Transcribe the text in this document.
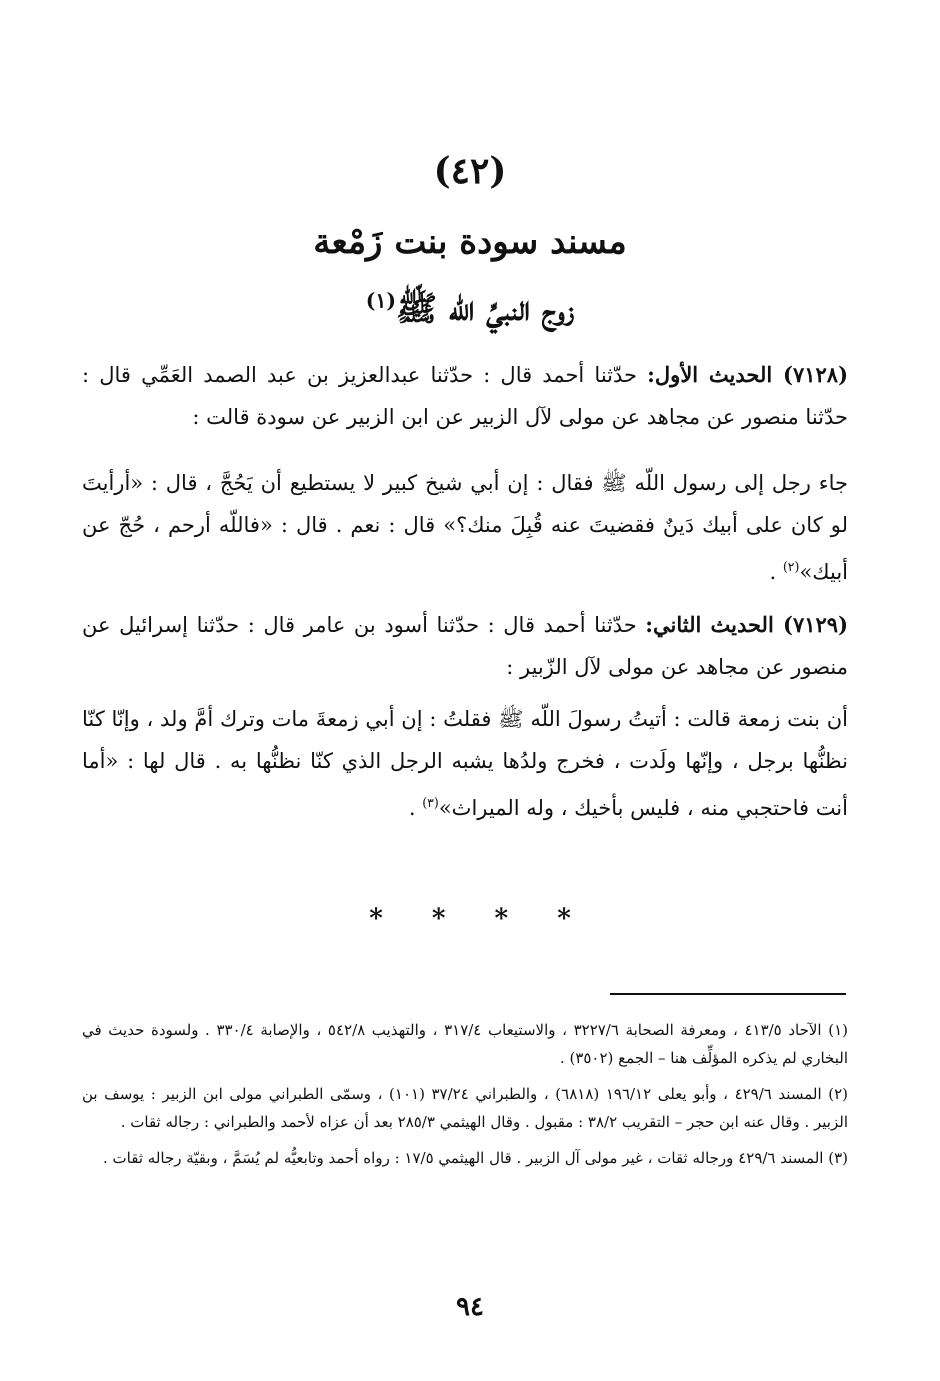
(٤٢)
مسند سودة بنت زَمْعة
زوج النبيِّ اللّه ﷺ$^{(١)}$
(٧١٢٨) الحديث الأول: حدّثنا أحمد قال : حدّثنا عبدالعزيز بن عبد الصمد العَمِّي قال : حدّثنا منصور عن مجاهد عن مولى لآل الزبير عن ابن الزبير عن سودة قالت :
جاء رجل إلى رسول اللّه ﷺ فقال : إن أبي شيخ كبير لا يستطيع أن يَحُجَّ ، قال : «أرأيتَ لو كان على أبيك دَينٌ فقضيتَ عنه قُبِلَ منك؟» قال : نعم . قال : «فاللّه أرحم ، حُجّ عن أبيك»$^{(٢)}$ .
(٧١٢٩) الحديث الثاني: حدّثنا أحمد قال : حدّثنا أسود بن عامر قال : حدّثنا إسرائيل عن منصور عن مجاهد عن مولى لآل الزّبير :
أن بنت زمعة قالت : أتيتُ رسولَ اللّه ﷺ فقلتُ : إن أبي زمعةَ مات وترك أمَّ ولد ، وإنّا كنّا نظنُّها برجل ، وإنّها ولَدت ، فخرج ولدُها يشبه الرجل الذي كنّا نظنُّها به . قال لها : «أما أنت فاحتجبي منه ، فليس بأخيك ، وله الميراث»$^{(٣)}$ .
* * * *
(١) الآحاد ٤١٣/٥ ، ومعرفة الصحابة ٣٢٢٧/٦ ، والاستيعاب ٣١٧/٤ ، والتهذيب ٥٤٢/٨ ، والإصابة ٣٣٠/٤ . ولسودة حديث في البخاري لم يذكره المؤلِّف هنا – الجمع (٣٥٠٢) .
(٢) المسند ٤٢٩/٦ ، وأبو يعلى ١٩٦/١٢ (٦٨١٨) ، والطبراني ٣٧/٢٤ (١٠١) ، وسمّى الطبراني مولى ابن الزبير : يوسف بن الزبير . وقال عنه ابن حجر – التقريب ٣٨/٢ : مقبول . وقال الهيثمي ٢٨٥/٣ بعد أن عزاه لأحمد والطبراني : رجاله ثقات .
(٣) المسند ٤٢٩/٦ ورجاله ثقات ، غير مولى آل الزبير . قال الهيثمي ١٧/٥ : رواه أحمد وتابعيُّه لم يُسَمَّ ، وبقيّة رجاله ثقات .
٩٤
